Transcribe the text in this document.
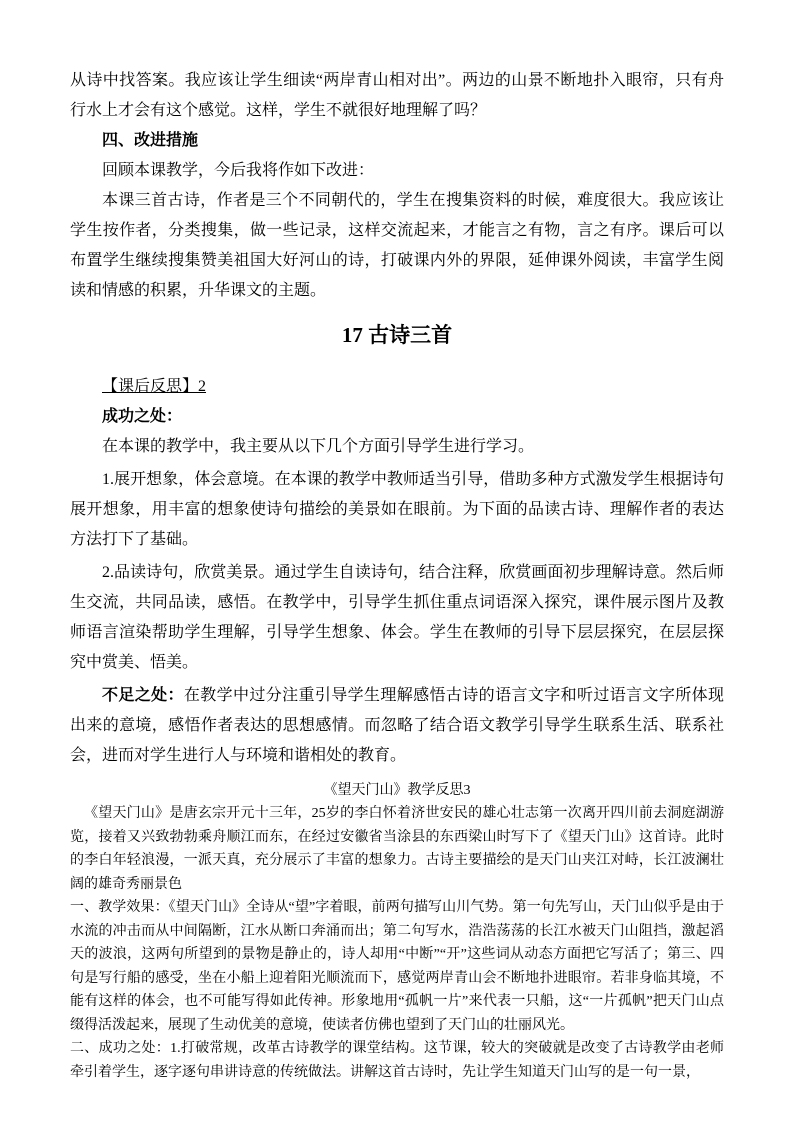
从诗中找答案。我应该让学生细读“两岸青山相对出”。两边的山景不断地扑入眼帘，只有舟行水上才会有这个感觉。这样，学生不就很好地理解了吗？

四、改进措施

回顾本课教学，今后我将作如下改进：

本课三首古诗，作者是三个不同朝代的，学生在搜集资料的时候，难度很大。我应该让学生按作者，分类搜集，做一些记录，这样交流起来，才能言之有物，言之有序。课后可以布置学生继续搜集赞美祖国大好河山的诗，打破课内外的界限，延伸课外阅读，丰富学生阅读和情感的积累，升华课文的主题。

17 古诗三首

【课后反思】2

成功之处：

在本课的教学中，我主要从以下几个方面引导学生进行学习。

1.展开想象，体会意境。在本课的教学中教师适当引导，借助多种方式激发学生根据诗句展开想象，用丰富的想象使诗句描绘的美景如在眼前。为下面的品读古诗、理解作者的表达方法打下了基础。

2.品读诗句，欣赏美景。通过学生自读诗句，结合注释，欣赏画面初步理解诗意。然后师生交流，共同品读，感悟。在教学中，引导学生抓住重点词语深入探究，课件展示图片及教师语言渲染帮助学生理解，引导学生想象、体会。学生在教师的引导下层层探究，在层层探究中赏美、悟美。

不足之处：在教学中过分注重引导学生理解感悟古诗的语言文字和听过语言文字所体现出来的意境，感悟作者表达的思想感情。而忽略了结合语文教学引导学生联系生活、联系社会，进而对学生进行人与环境和谐相处的教育。

《望天门山》教学反思3

《望天门山》是唐玄宗开元十三年，25岁的李白怀着济世安民的雄心壮志第一次离开四川前去洞庭湖游览，接着又兴致勃勃乘舟顺江而东，在经过安徽省当涂县的东西梁山时写下了《望天门山》这首诗。此时的李白年轻浪漫，一派天真，充分展示了丰富的想象力。古诗主要描绘的是天门山夹江对峙，长江波澜壮阔的雄奇秀丽景色

一、教学效果：《望天门山》全诗从“望”字着眼，前两句描写山川气势。第一句先写山，天门山似乎是由于水流的冲击而从中间隔断，江水从断口奔涌而出；第二句写水，浩浩荡荡的长江水被天门山阻挡，激起滔天的波浪，这两句所望到的景物是静止的，诗人却用“中断”“开”这些词从动态方面把它写活了；第三、四句是写行船的感受，坐在小船上迎着阳光顺流而下，感觉两岸青山会不断地扑进眼帘。若非身临其境，不能有这样的体会，也不可能写得如此传神。形象地用“孤帆一片”来代表一只船，这“一片孤帆”把天门山点缀得活泼起来，展现了生动优美的意境，使读者仿佛也望到了天门山的壮丽风光。

二、成功之处：1.打破常规，改革古诗教学的课堂结构。这节课，较大的突破就是改变了古诗教学由老师牵引着学生，逐字逐句串讲诗意的传统做法。讲解这首古诗时，先让学生知道天门山写的是一句一景，
